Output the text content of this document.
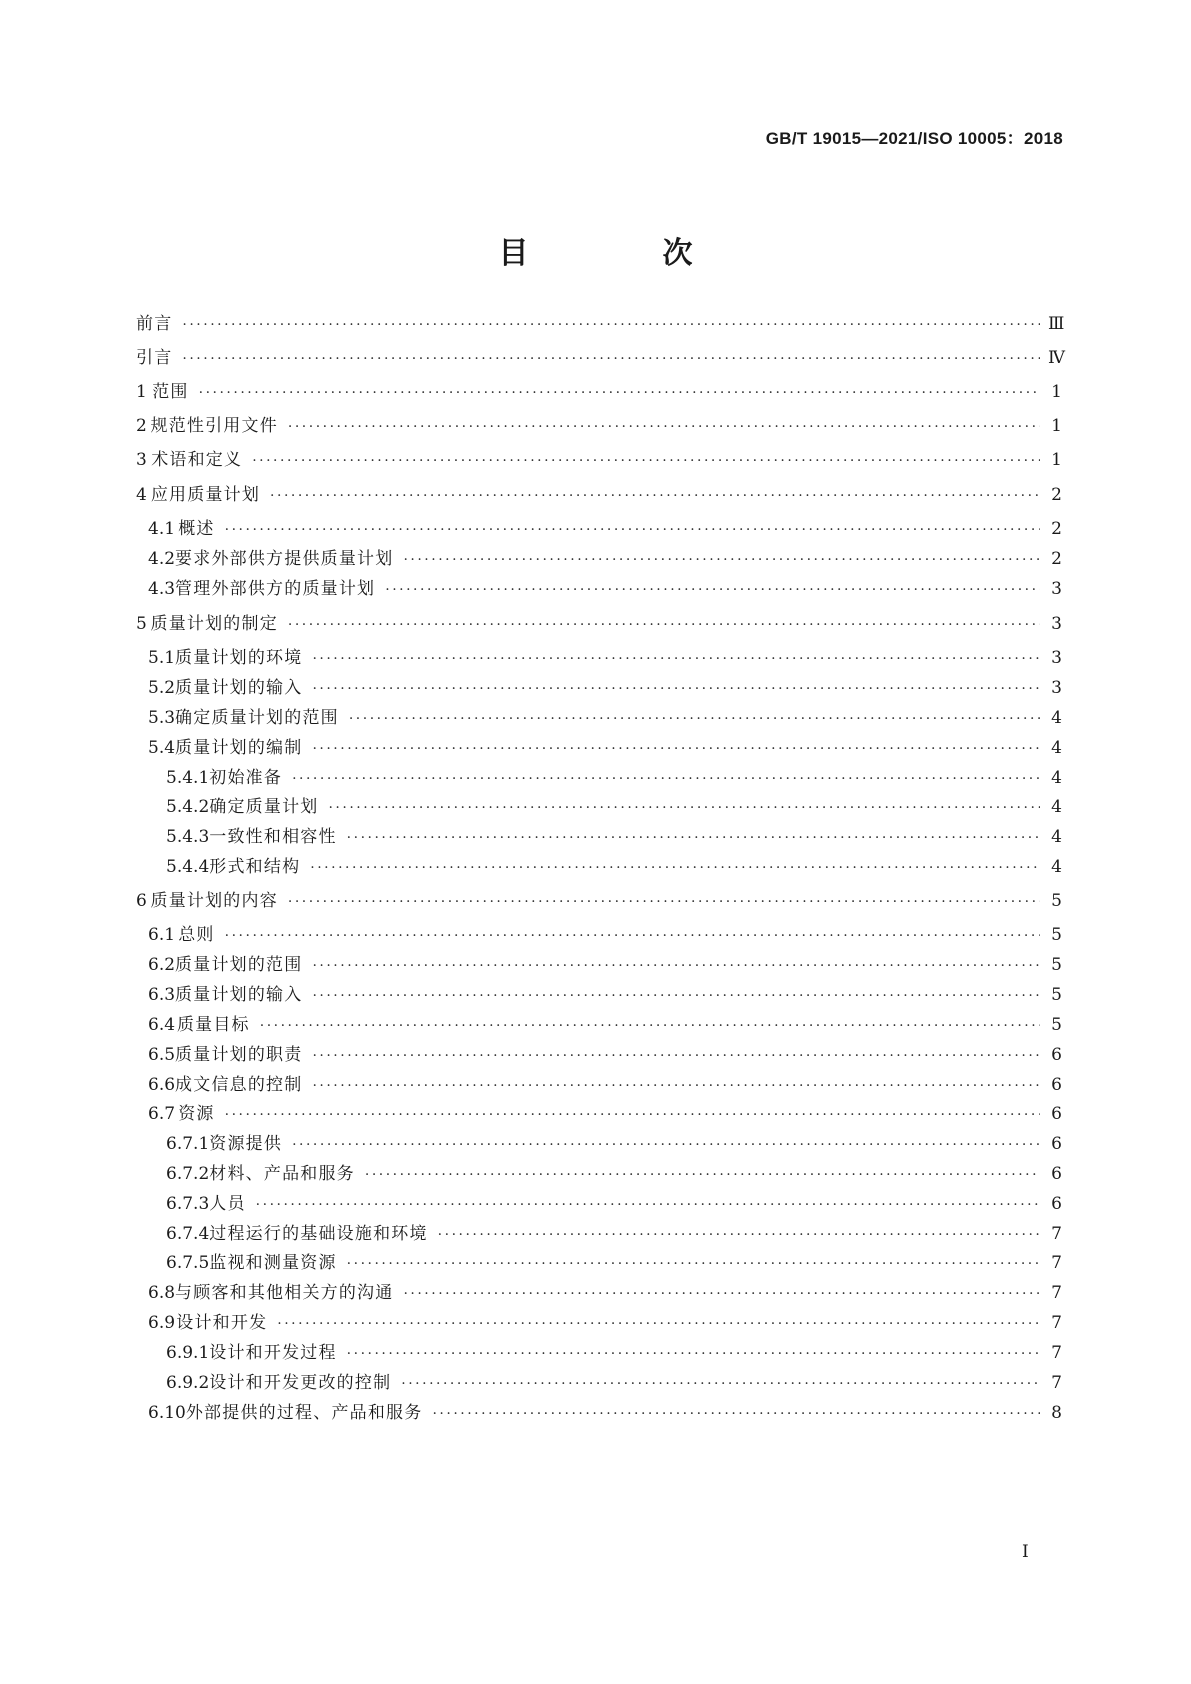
GB/T 19015—2021/ISO 10005：2018
目　次
前言 ·····	Ⅲ
引言 ·····	Ⅳ
1 范围 ·····	1
2 规范性引用文件 ·····	1
3 术语和定义 ·····	1
4 应用质量计划 ·····	2
4.1 概述 ·····	2
4.2 要求外部供方提供质量计划 ·····	2
4.3 管理外部供方的质量计划 ·····	3
5 质量计划的制定 ·····	3
5.1 质量计划的环境 ·····	3
5.2 质量计划的输入 ·····	3
5.3 确定质量计划的范围 ·····	4
5.4 质量计划的编制 ·····	4
5.4.1 初始准备 ·····	4
5.4.2 确定质量计划 ·····	4
5.4.3 一致性和相容性 ·····	4
5.4.4 形式和结构 ·····	4
6 质量计划的内容 ·····	5
6.1 总则 ·····	5
6.2 质量计划的范围 ·····	5
6.3 质量计划的输入 ·····	5
6.4 质量目标 ·····	5
6.5 质量计划的职责 ·····	6
6.6 成文信息的控制 ·····	6
6.7 资源 ·····	6
6.7.1 资源提供 ·····	6
6.7.2 材料、产品和服务 ·····	6
6.7.3 人员 ·····	6
6.7.4 过程运行的基础设施和环境 ·····	7
6.7.5 监视和测量资源 ·····	7
6.8 与顾客和其他相关方的沟通 ·····	7
6.9 设计和开发 ·····	7
6.9.1 设计和开发过程 ·····	7
6.9.2 设计和开发更改的控制 ·····	7
6.10 外部提供的过程、产品和服务 ·····	8
I
